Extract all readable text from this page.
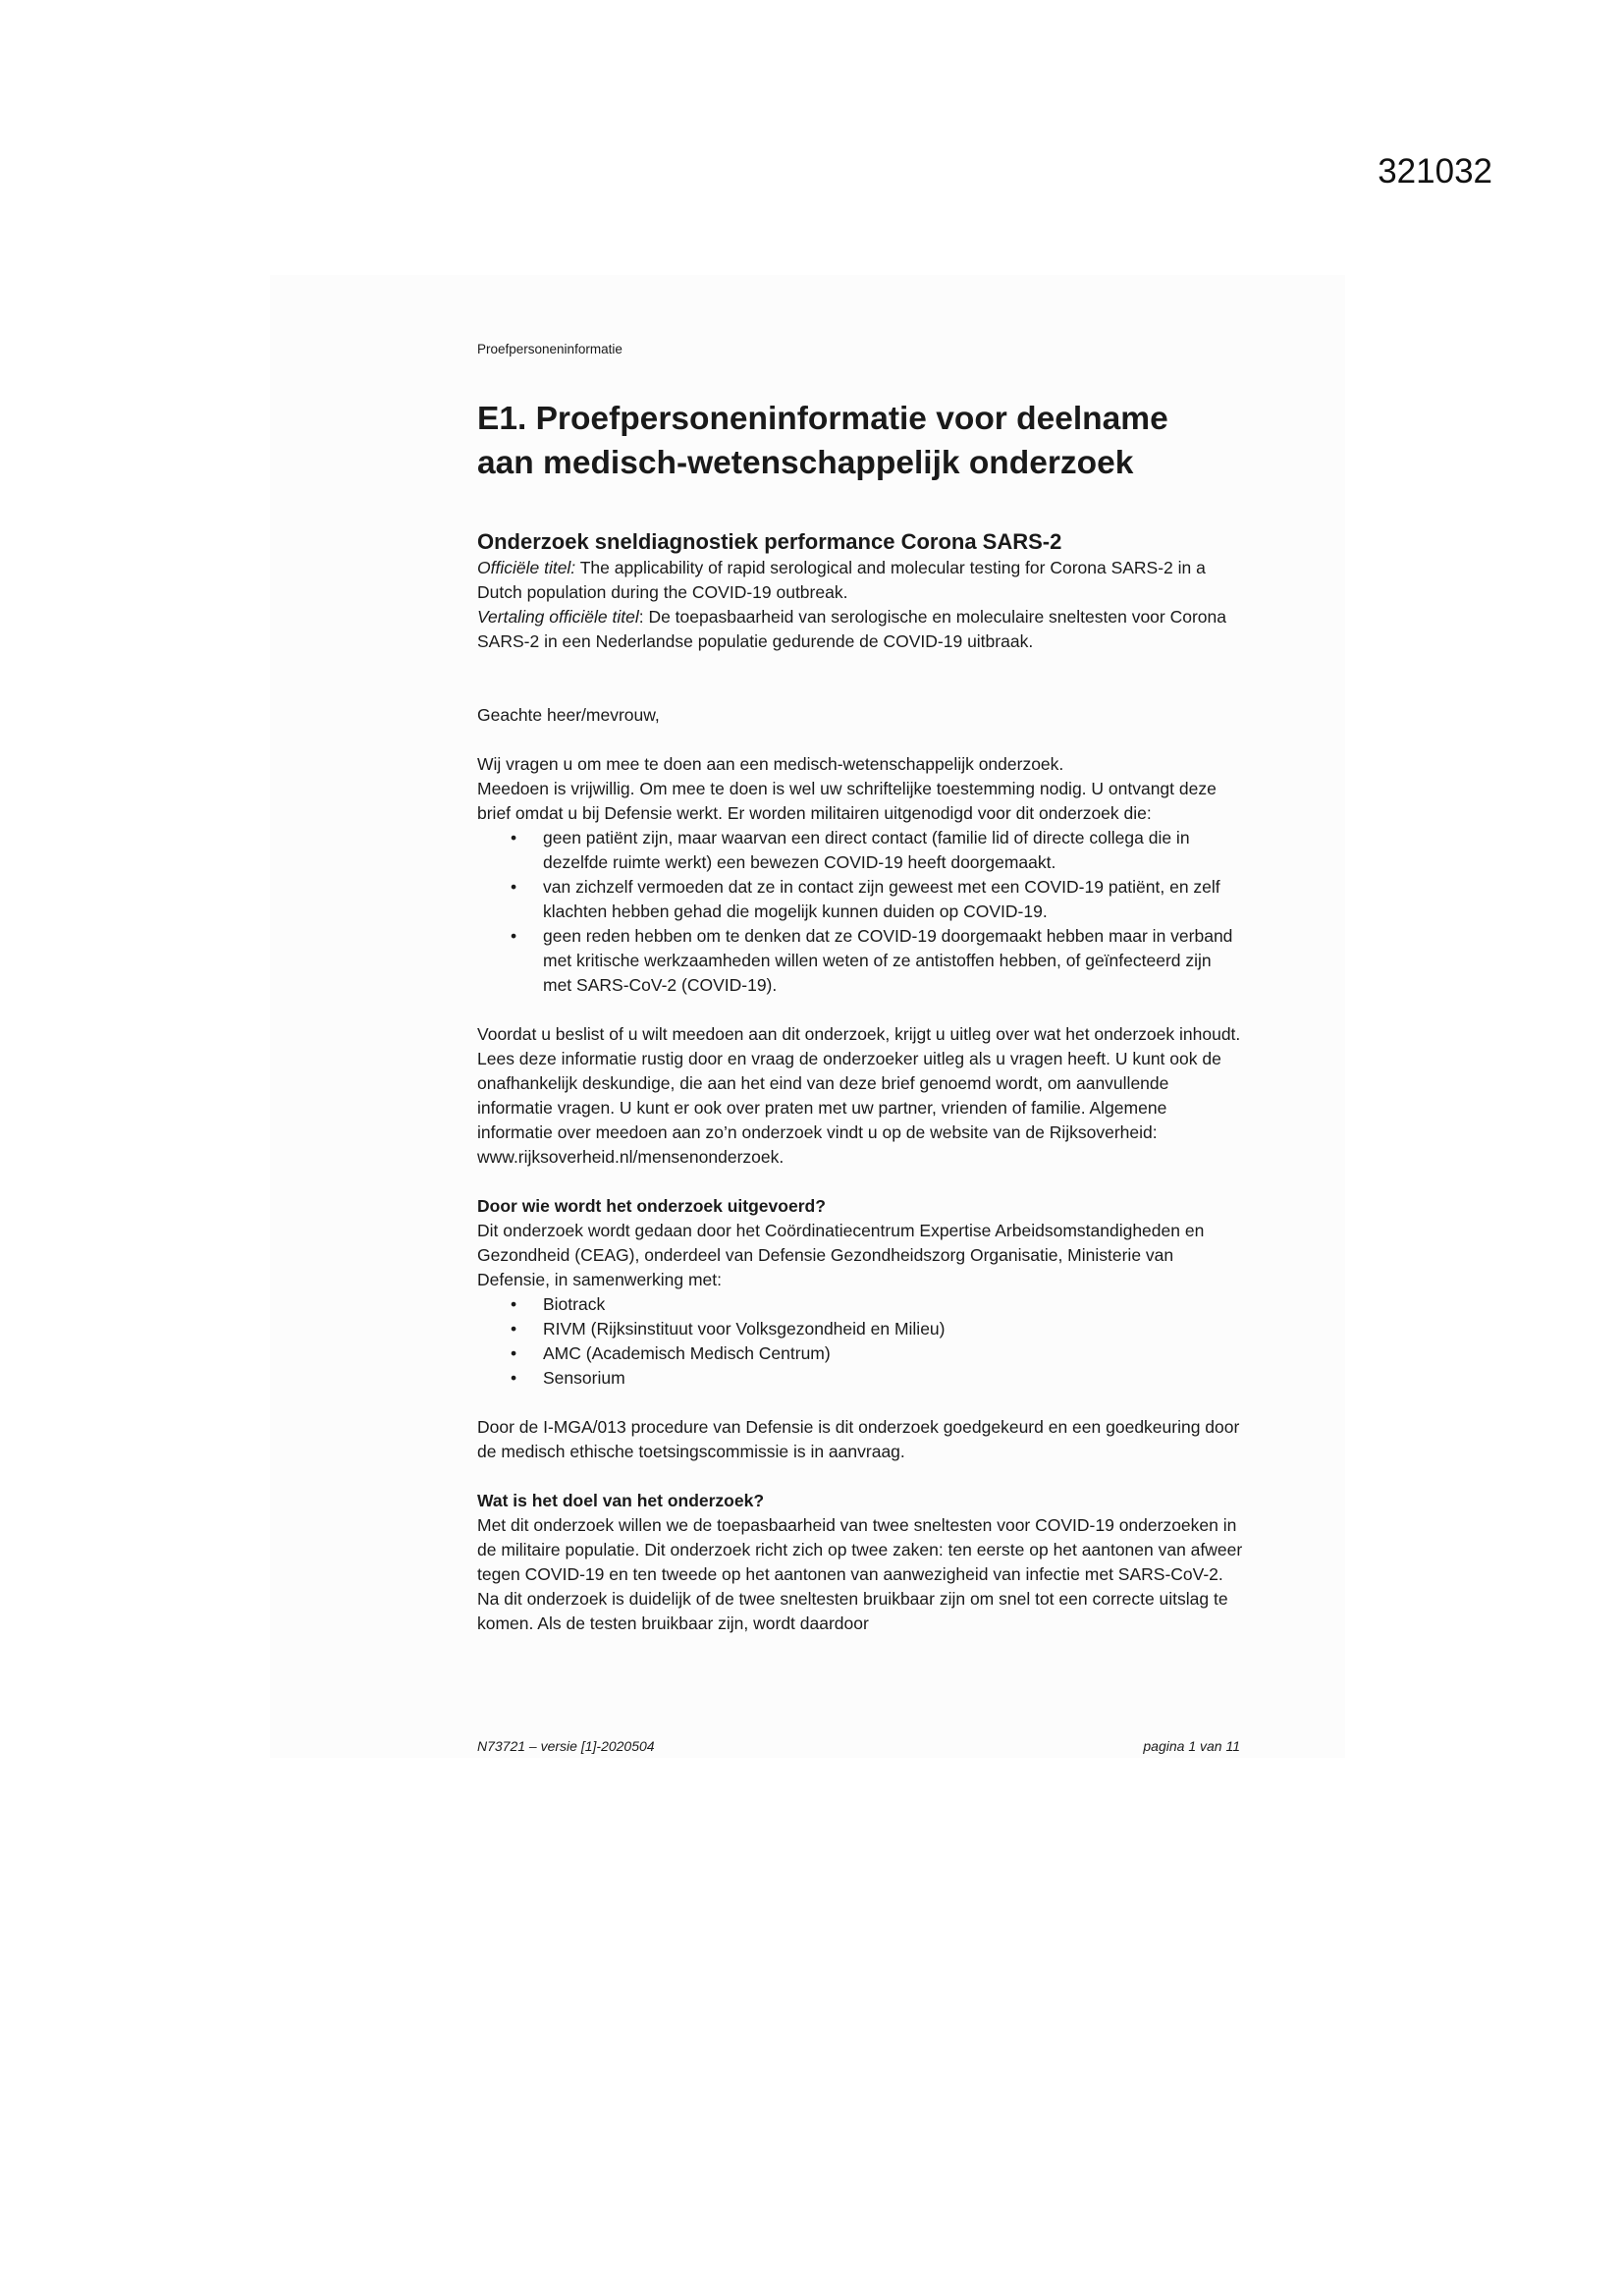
321032
Proefpersoneninformatie
E1. Proefpersoneninformatie voor deelname
aan medisch-wetenschappelijk onderzoek
Onderzoek sneldiagnostiek performance Corona SARS-2

Officiële titel: The applicability of rapid serological and molecular testing for Corona SARS-2 in a Dutch population during the COVID-19 outbreak.

Vertaling officiële titel: De toepasbaarheid van serologische en moleculaire sneltesten voor Corona SARS-2 in een Nederlandse populatie gedurende de COVID-19 uitbraak.

Geachte heer/mevrouw,

Wij vragen u om mee te doen aan een medisch-wetenschappelijk onderzoek.

Meedoen is vrijwillig. Om mee te doen is wel uw schriftelijke toestemming nodig. U ontvangt deze brief omdat u bij Defensie werkt. Er worden militairen uitgenodigd voor dit onderzoek die:

• geen patiënt zijn, maar waarvan een direct contact (familie lid of directe collega die in dezelfde ruimte werkt) een bewezen COVID-19 heeft doorgemaakt.
• van zichzelf vermoeden dat ze in contact zijn geweest met een COVID-19 patiënt, en zelf klachten hebben gehad die mogelijk kunnen duiden op COVID-19.
• geen reden hebben om te denken dat ze COVID-19 doorgemaakt hebben maar in verband met kritische werkzaamheden willen weten of ze antistoffen hebben, of geïnfecteerd zijn met SARS-CoV-2 (COVID-19).

Voordat u beslist of u wilt meedoen aan dit onderzoek, krijgt u uitleg over wat het onderzoek inhoudt. Lees deze informatie rustig door en vraag de onderzoeker uitleg als u vragen heeft. U kunt ook de onafhankelijk deskundige, die aan het eind van deze brief genoemd wordt, om aanvullende informatie vragen. U kunt er ook over praten met uw partner, vrienden of familie. Algemene informatie over meedoen aan zo’n onderzoek vindt u op de website van de Rijksoverheid: www.rijksoverheid.nl/mensenonderzoek.

Door wie wordt het onderzoek uitgevoerd?

Dit onderzoek wordt gedaan door het Coördinatiecentrum Expertise Arbeidsomstandigheden en Gezondheid (CEAG), onderdeel van Defensie Gezondheidszorg Organisatie, Ministerie van Defensie, in samenwerking met:

• Biotrack
• RIVM (Rijksinstituut voor Volksgezondheid en Milieu)
• AMC (Academisch Medisch Centrum)
• Sensorium

Door de I-MGA/013 procedure van Defensie is dit onderzoek goedgekeurd en een goedkeuring door de medisch ethische toetsingscommissie is in aanvraag.

Wat is het doel van het onderzoek?

Met dit onderzoek willen we de toepasbaarheid van twee sneltesten voor COVID-19 onderzoeken in de militaire populatie. Dit onderzoek richt zich op twee zaken: ten eerste op het aantonen van afweer tegen COVID-19 en ten tweede op het aantonen van aanwezigheid van infectie met SARS-CoV-2. Na dit onderzoek is duidelijk of de twee sneltesten bruikbaar zijn om snel tot een correcte uitslag te komen. Als de testen bruikbaar zijn, wordt daardoor

N73721 – versie [1]-2020504	pagina 1 van 11
